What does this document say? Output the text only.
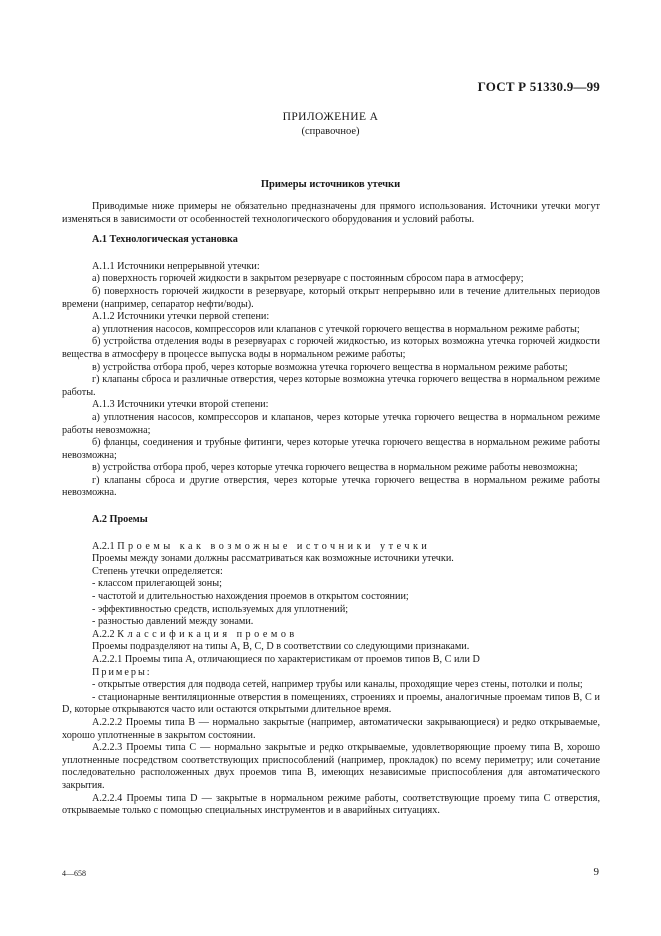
ГОСТ Р 51330.9—99
ПРИЛОЖЕНИЕ А
(справочное)
Примеры источников утечки

Приводимые ниже примеры не обязательно предназначены для прямого использования. Источники утечки могут изменяться в зависимости от особенностей технологического оборудования и условий работы.

А.1 Технологическая установка

А.1.1 Источники непрерывной утечки:

а) поверхность горючей жидкости в закрытом резервуаре с постоянным сбросом пара в атмосферу;

б) поверхность горючей жидкости в резервуаре, который открыт непрерывно или в течение длительных периодов времени (например, сепаратор нефти/воды).

А.1.2 Источники утечки первой степени:

а) уплотнения насосов, компрессоров или клапанов с утечкой горючего вещества в нормальном режиме работы;

б) устройства отделения воды в резервуарах с горючей жидкостью, из которых возможна утечка горючей жидкости вещества в атмосферу в процессе выпуска воды в нормальном режиме работы;

в) устройства отбора проб, через которые возможна утечка горючего вещества в нормальном режиме работы;

г) клапаны сброса и различные отверстия, через которые возможна утечка горючего вещества в нормальном режиме работы.

А.1.3 Источники утечки второй степени:

а) уплотнения насосов, компрессоров и клапанов, через которые утечка горючего вещества в нормальном режиме работы невозможна;

б) фланцы, соединения и трубные фитинги, через которые утечка горючего вещества в нормальном режиме работы невозможна;

в) устройства отбора проб, через которые утечка горючего вещества в нормальном режиме работы невозможна;

г) клапаны сброса и другие отверстия, через которые утечка горючего вещества в нормальном режиме работы невозможна.

А.2 Проемы

А.2.1 Проемы как возможные источники утечки

Проемы между зонами должны рассматриваться как возможные источники утечки.

Степень утечки определяется:

- классом прилегающей зоны;

- частотой и длительностью нахождения проемов в открытом состоянии;

- эффективностью средств, используемых для уплотнений;

- разностью давлений между зонами.

А.2.2 Классификация проемов

Проемы подразделяют на типы А, В, С, D в соответствии со следующими признаками.

А.2.2.1 Проемы типа А, отличающиеся по характеристикам от проемов типов В, С или D

Примеры:

- открытые отверстия для подвода сетей, например трубы или каналы, проходящие через стены, потолки и полы;

- стационарные вентиляционные отверстия в помещениях, строениях и проемы, аналогичные проемам типов В, С и D, которые открываются часто или остаются открытыми длительное время.

А.2.2.2 Проемы типа В — нормально закрытые (например, автоматически закрывающиеся) и редко открываемые, хорошо уплотненные в закрытом состоянии.

А.2.2.3 Проемы типа С — нормально закрытые и редко открываемые, удовлетворяющие проему типа В, хорошо уплотненные посредством соответствующих приспособлений (например, прокладок) по всему периметру; или сочетание последовательно расположенных двух проемов типа В, имеющих независимые приспособления для автоматического закрытия.

А.2.2.4 Проемы типа D — закрытые в нормальном режиме работы, соответствующие проему типа С отверстия, открываемые только с помощью специальных инструментов и в аварийных ситуациях.

4—658	9
